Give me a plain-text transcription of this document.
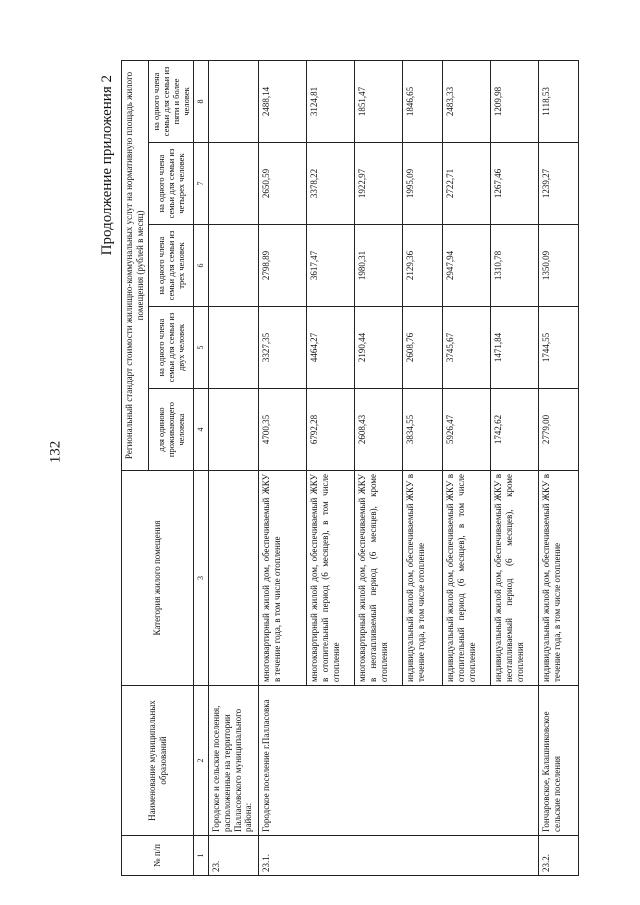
132
Продолжение приложения 2
№ п/п	Наименование муниципальных образований	Категория жилого помещения	Региональный стандарт стоимости жилищно-коммунальных услуг на нормативную площадь жилого помещения (рублей в месяц)				
			для одиноко проживающего человека	на одного члена семьи для семьи из двух человек	на одного члена семьи для семьи из трех человек	на одного члена семьи для семьи из четырех человек	на одного члена семьи для семьи из пяти и более человек
1	2	3	4	5	6	7	8
23.	Городское и сельские поселения, расположенные на территории Палласовского муниципального района:						
23.1.	Городское поселение г.Палласовка	многоквартирный жилой дом, обеспечиваемый ЖКУ в течение года, в том числе отопление	4700,35	3327,35	2798,89	2650,59	2488,14
		многоквартирный жилой дом, обеспечиваемый ЖКУ в отопительный период (6 месяцев), в том числе отопление	6792,28	4464,27	3617,47	3378,22	3124,81
		многоквартирный жилой дом, обеспечиваемый ЖКУ в неотапливаемый период (6 месяцев), кроме отопления	2608,43	2190,44	1980,31	1922,97	1851,47
		индивидуальный жилой дом, обеспечиваемый ЖКУ в течение года, в том числе отопление	3834,55	2608,76	2129,36	1995,09	1846,65
		индивидуальный жилой дом, обеспечиваемый ЖКУ в отопительный период (6 месяцев), в том числе отопление	5926,47	3745,67	2947,94	2722,71	2483,33
		индивидуальный жилой дом, обеспечиваемый ЖКУ в неотапливаемый период (6 месяцев), кроме отопления	1742,62	1471,84	1310,78	1267,46	1209,98
23.2.	Гончаровское, Калашниковское сельские поселения	индивидуальный жилой дом, обеспечиваемый ЖКУ в течение года, в том числе отопление	2779,00	1744,55	1350,09	1239,27	1118,53
